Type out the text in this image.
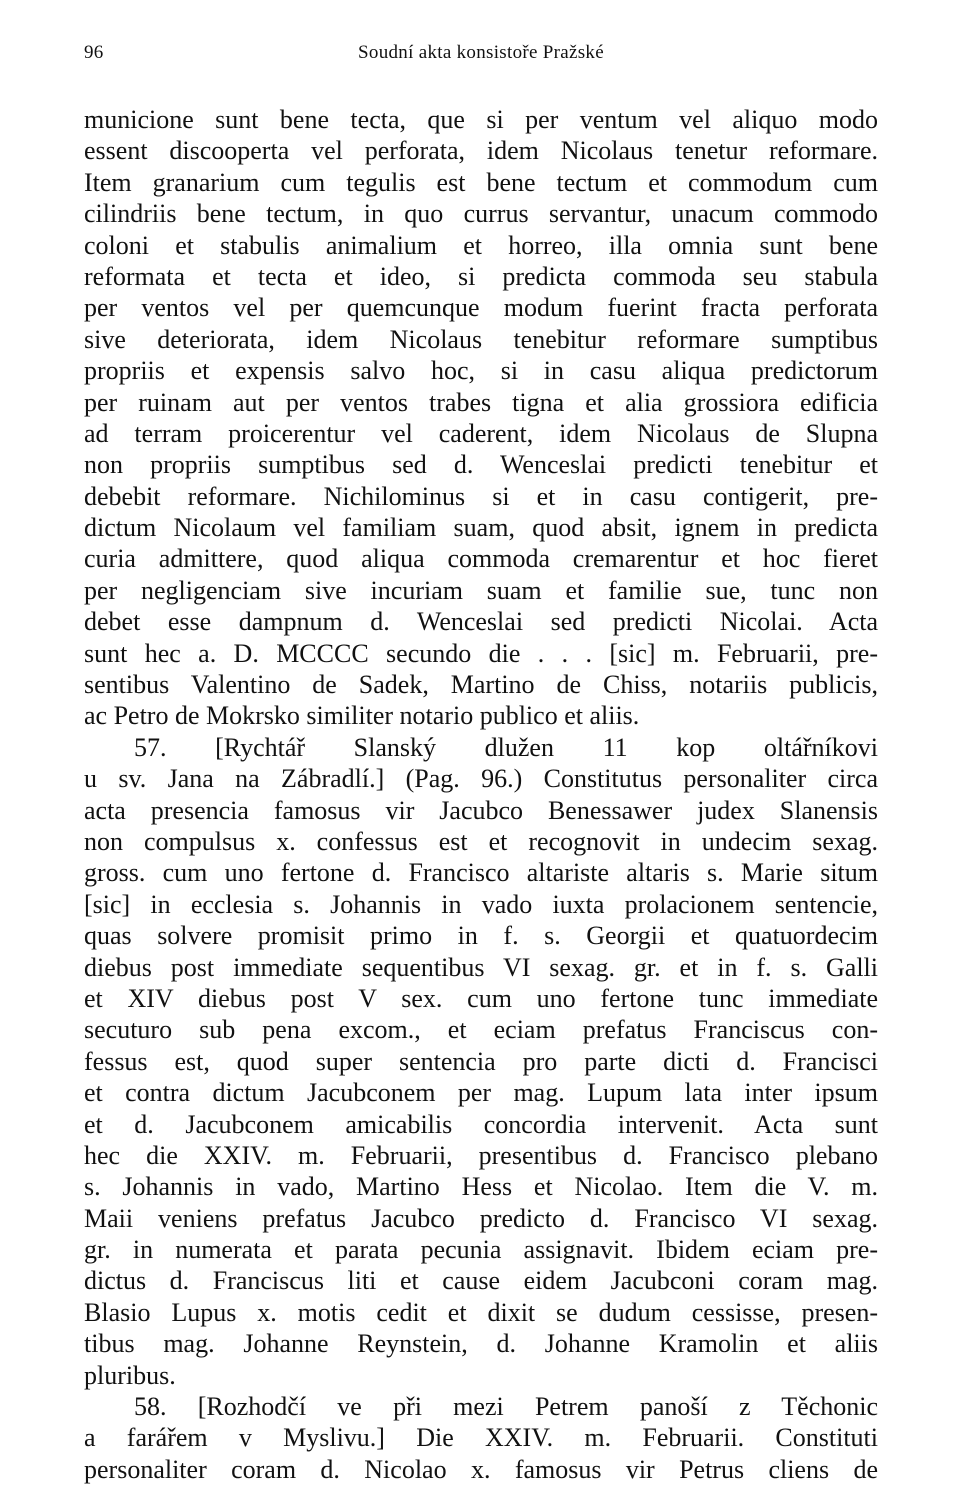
96	Soudní akta konsistoře Pražské
municione sunt bene tecta, que si per ventum vel aliquo modo
essent discooperta vel perforata, idem Nicolaus tenetur reformare.
Item granarium cum tegulis est bene tectum et commodum cum
cilindriis bene tectum, in quo currus servantur, unacum commodo
coloni et stabulis animalium et horreo, illa omnia sunt bene
reformata et tecta et ideo, si predicta commoda seu stabula
per ventos vel per quemcunque modum fuerint fracta perforata
sive deteriorata, idem Nicolaus tenebitur reformare sumptibus
propriis et expensis salvo hoc, si in casu aliqua predictorum
per ruinam aut per ventos trabes tigna et alia grossiora edificia
ad terram proicerentur vel caderent, idem Nicolaus de Slupna
non propriis sumptibus sed d. Wenceslai predicti tenebitur et
debebit reformare. Nichilominus si et in casu contigerit, pre-
dictum Nicolaum vel familiam suam, quod absit, ignem in predicta
curia admittere, quod aliqua commoda cremarentur et hoc fieret
per negligenciam sive incuriam suam et familie sue, tunc non
debet esse dampnum d. Wenceslai sed predicti Nicolai. Acta
sunt hec a. D. MCCCC secundo die . . . [sic] m. Februarii, pre-
sentibus Valentino de Sadek, Martino de Chiss, notariis publicis,
ac Petro de Mokrsko similiter notario publico et aliis.
57. [Rychtář Slanský dlužen 11 kop oltářníkovi
u sv. Jana na Zábradlí.] (Pag. 96.) Constitutus personaliter circa
acta presencia famosus vir Jacubco Benessawer judex Slanensis
non compulsus x. confessus est et recognovit in undecim sexag.
gross. cum uno fertone d. Francisco altariste altaris s. Marie situm
[sic] in ecclesia s. Johannis in vado iuxta prolacionem sentencie,
quas solvere promisit primo in f. s. Georgii et quatuordecim
diebus post immediate sequentibus VI sexag. gr. et in f. s. Galli
et XIV diebus post V sex. cum uno fertone tunc immediate
secuturo sub pena excom., et eciam prefatus Franciscus con-
fessus est, quod super sentencia pro parte dicti d. Francisci
et contra dictum Jacubconem per mag. Lupum lata inter ipsum
et d. Jacubconem amicabilis concordia intervenit. Acta sunt
hec die XXIV. m. Februarii, presentibus d. Francisco plebano
s. Johannis in vado, Martino Hess et Nicolao. Item die V. m.
Maii veniens prefatus Jacubco predicto d. Francisco VI sexag.
gr. in numerata et parata pecunia assignavit. Ibidem eciam pre-
dictus d. Franciscus liti et cause eidem Jacubconi coram mag.
Blasio Lupus x. motis cedit et dixit se dudum cessisse, presen-
tibus mag. Johanne Reynstein, d. Johanne Kramolin et aliis
pluribus.
58. [Rozhodčí ve při mezi Petrem panoší z Těchonic
a farářem v Myslivu.] Die XXIV. m. Februarii. Constituti
personaliter coram d. Nicolao x. famosus vir Petrus cliens de
